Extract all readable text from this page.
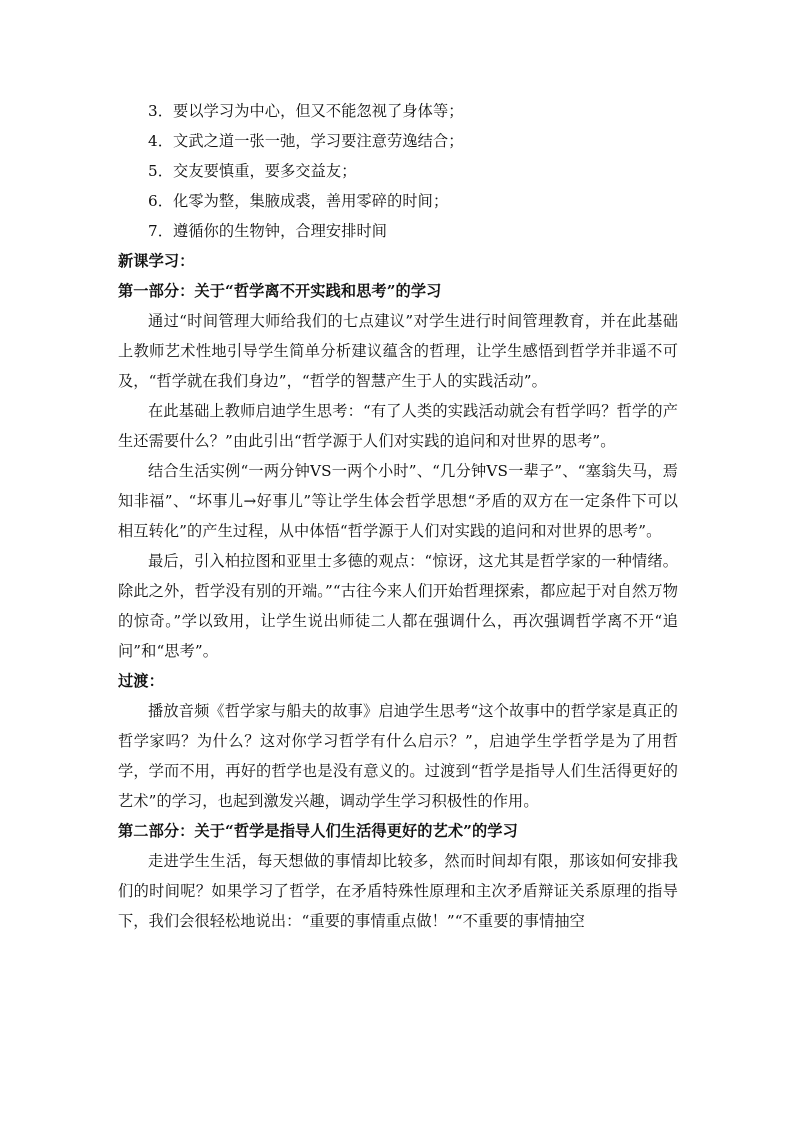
3．要以学习为中心，但又不能忽视了身体等；
4．文武之道一张一弛，学习要注意劳逸结合；
5．交友要慎重，要多交益友；
6．化零为整，集腋成裘，善用零碎的时间；
7．遵循你的生物钟，合理安排时间
新课学习：
第一部分：关于“哲学离不开实践和思考”的学习

通过“时间管理大师给我们的七点建议”对学生进行时间管理教育，并在此基础上教师艺术性地引导学生简单分析建议蕴含的哲理，让学生感悟到哲学并非遥不可及，“哲学就在我们身边”，“哲学的智慧产生于人的实践活动”。

在此基础上教师启迪学生思考：“有了人类的实践活动就会有哲学吗？哲学的产生还需要什么？”由此引出“哲学源于人们对实践的追问和对世界的思考”。

结合生活实例“一两分钟VS一两个小时”、“几分钟VS一辈子”、“塞翁失马，焉知非福”、“坏事儿→好事儿”等让学生体会哲学思想“矛盾的双方在一定条件下可以相互转化”的产生过程，从中体悟“哲学源于人们对实践的追问和对世界的思考”。

最后，引入柏拉图和亚里士多德的观点：“惊讶，这尤其是哲学家的一种情绪。除此之外，哲学没有别的开端。”“古往今来人们开始哲理探索，都应起于对自然万物的惊奇。”学以致用，让学生说出师徒二人都在强调什么，再次强调哲学离不开“追问”和“思考”。

过渡：

播放音频《哲学家与船夫的故事》启迪学生思考“这个故事中的哲学家是真正的哲学家吗？为什么？这对你学习哲学有什么启示？”，启迪学生学哲学是为了用哲学，学而不用，再好的哲学也是没有意义的。过渡到“哲学是指导人们生活得更好的艺术”的学习，也起到激发兴趣，调动学生学习积极性的作用。

第二部分：关于“哲学是指导人们生活得更好的艺术”的学习

走进学生生活，每天想做的事情却比较多，然而时间却有限，那该如何安排我们的时间呢？如果学习了哲学，在矛盾特殊性原理和主次矛盾辩证关系原理的指导下，我们会很轻松地说出：“重要的事情重点做！”“不重要的事情抽空
